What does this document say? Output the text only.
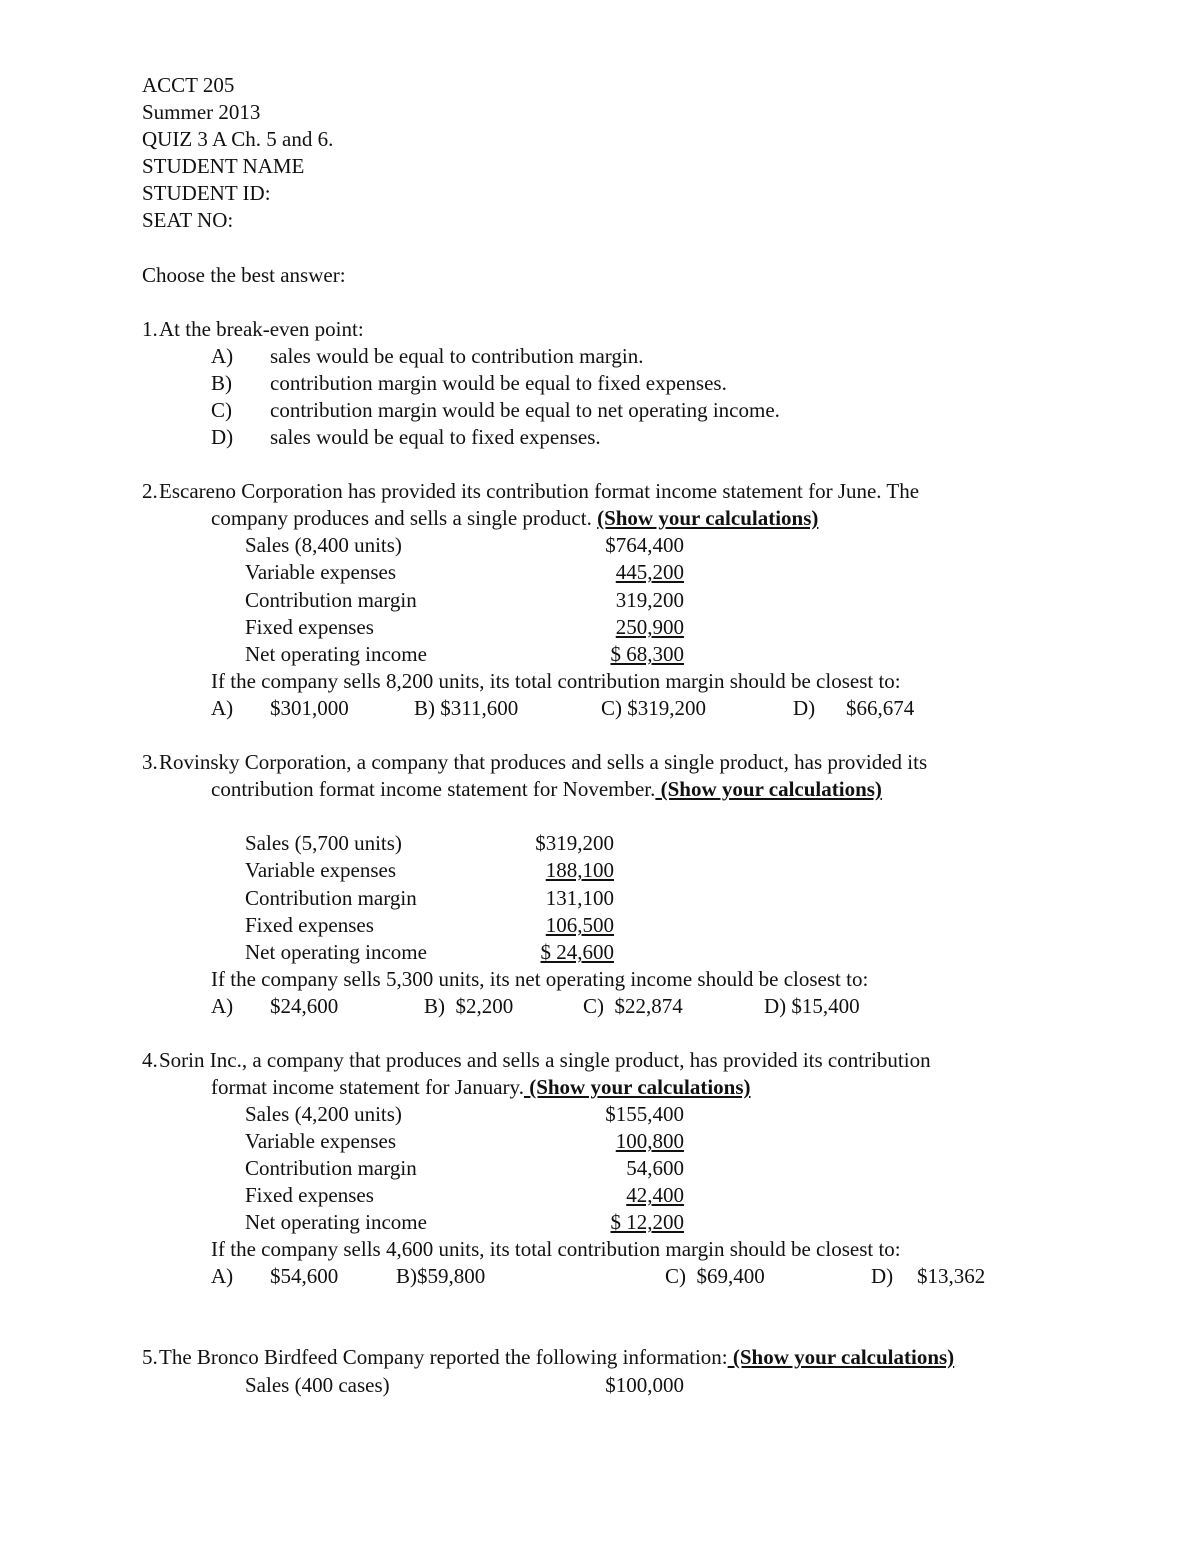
ACCT 205
Summer 2013
QUIZ 3 A Ch. 5 and 6.
STUDENT NAME
STUDENT ID:
SEAT NO:
Choose the best answer:
1. At the break-even point:
A) sales would be equal to contribution margin.
B) contribution margin would be equal to fixed expenses.
C) contribution margin would be equal to net operating income.
D) sales would be equal to fixed expenses.
2. Escareno Corporation has provided its contribution format income statement for June. The
company produces and sells a single product. (Show your calculations)
Sales (8,400 units)	$764,400
Variable expenses	445,200
Contribution margin	319,200
Fixed expenses	250,900
Net operating income	$ 68,300
If the company sells 8,200 units, its total contribution margin should be closest to:
A) $301,000	B) $311,600	C) $319,200	D) $66,674
3. Rovinsky Corporation, a company that produces and sells a single product, has provided its
contribution format income statement for November. (Show your calculations)
Sales (5,700 units)	$319,200
Variable expenses	188,100
Contribution margin	131,100
Fixed expenses	106,500
Net operating income	$ 24,600
If the company sells 5,300 units, its net operating income should be closest to:
A) $24,600	B)  $2,200	C)  $22,874	D) $15,400
4. Sorin Inc., a company that produces and sells a single product, has provided its contribution
format income statement for January. (Show your calculations)
Sales (4,200 units)	$155,400
Variable expenses	100,800
Contribution margin	54,600
Fixed expenses	42,400
Net operating income	$ 12,200
If the company sells 4,600 units, its total contribution margin should be closest to:
A) $54,600	B)$59,800	C)  $69,400	D) $13,362
5. The Bronco Birdfeed Company reported the following information: (Show your calculations)
Sales (400 cases)	$100,000
